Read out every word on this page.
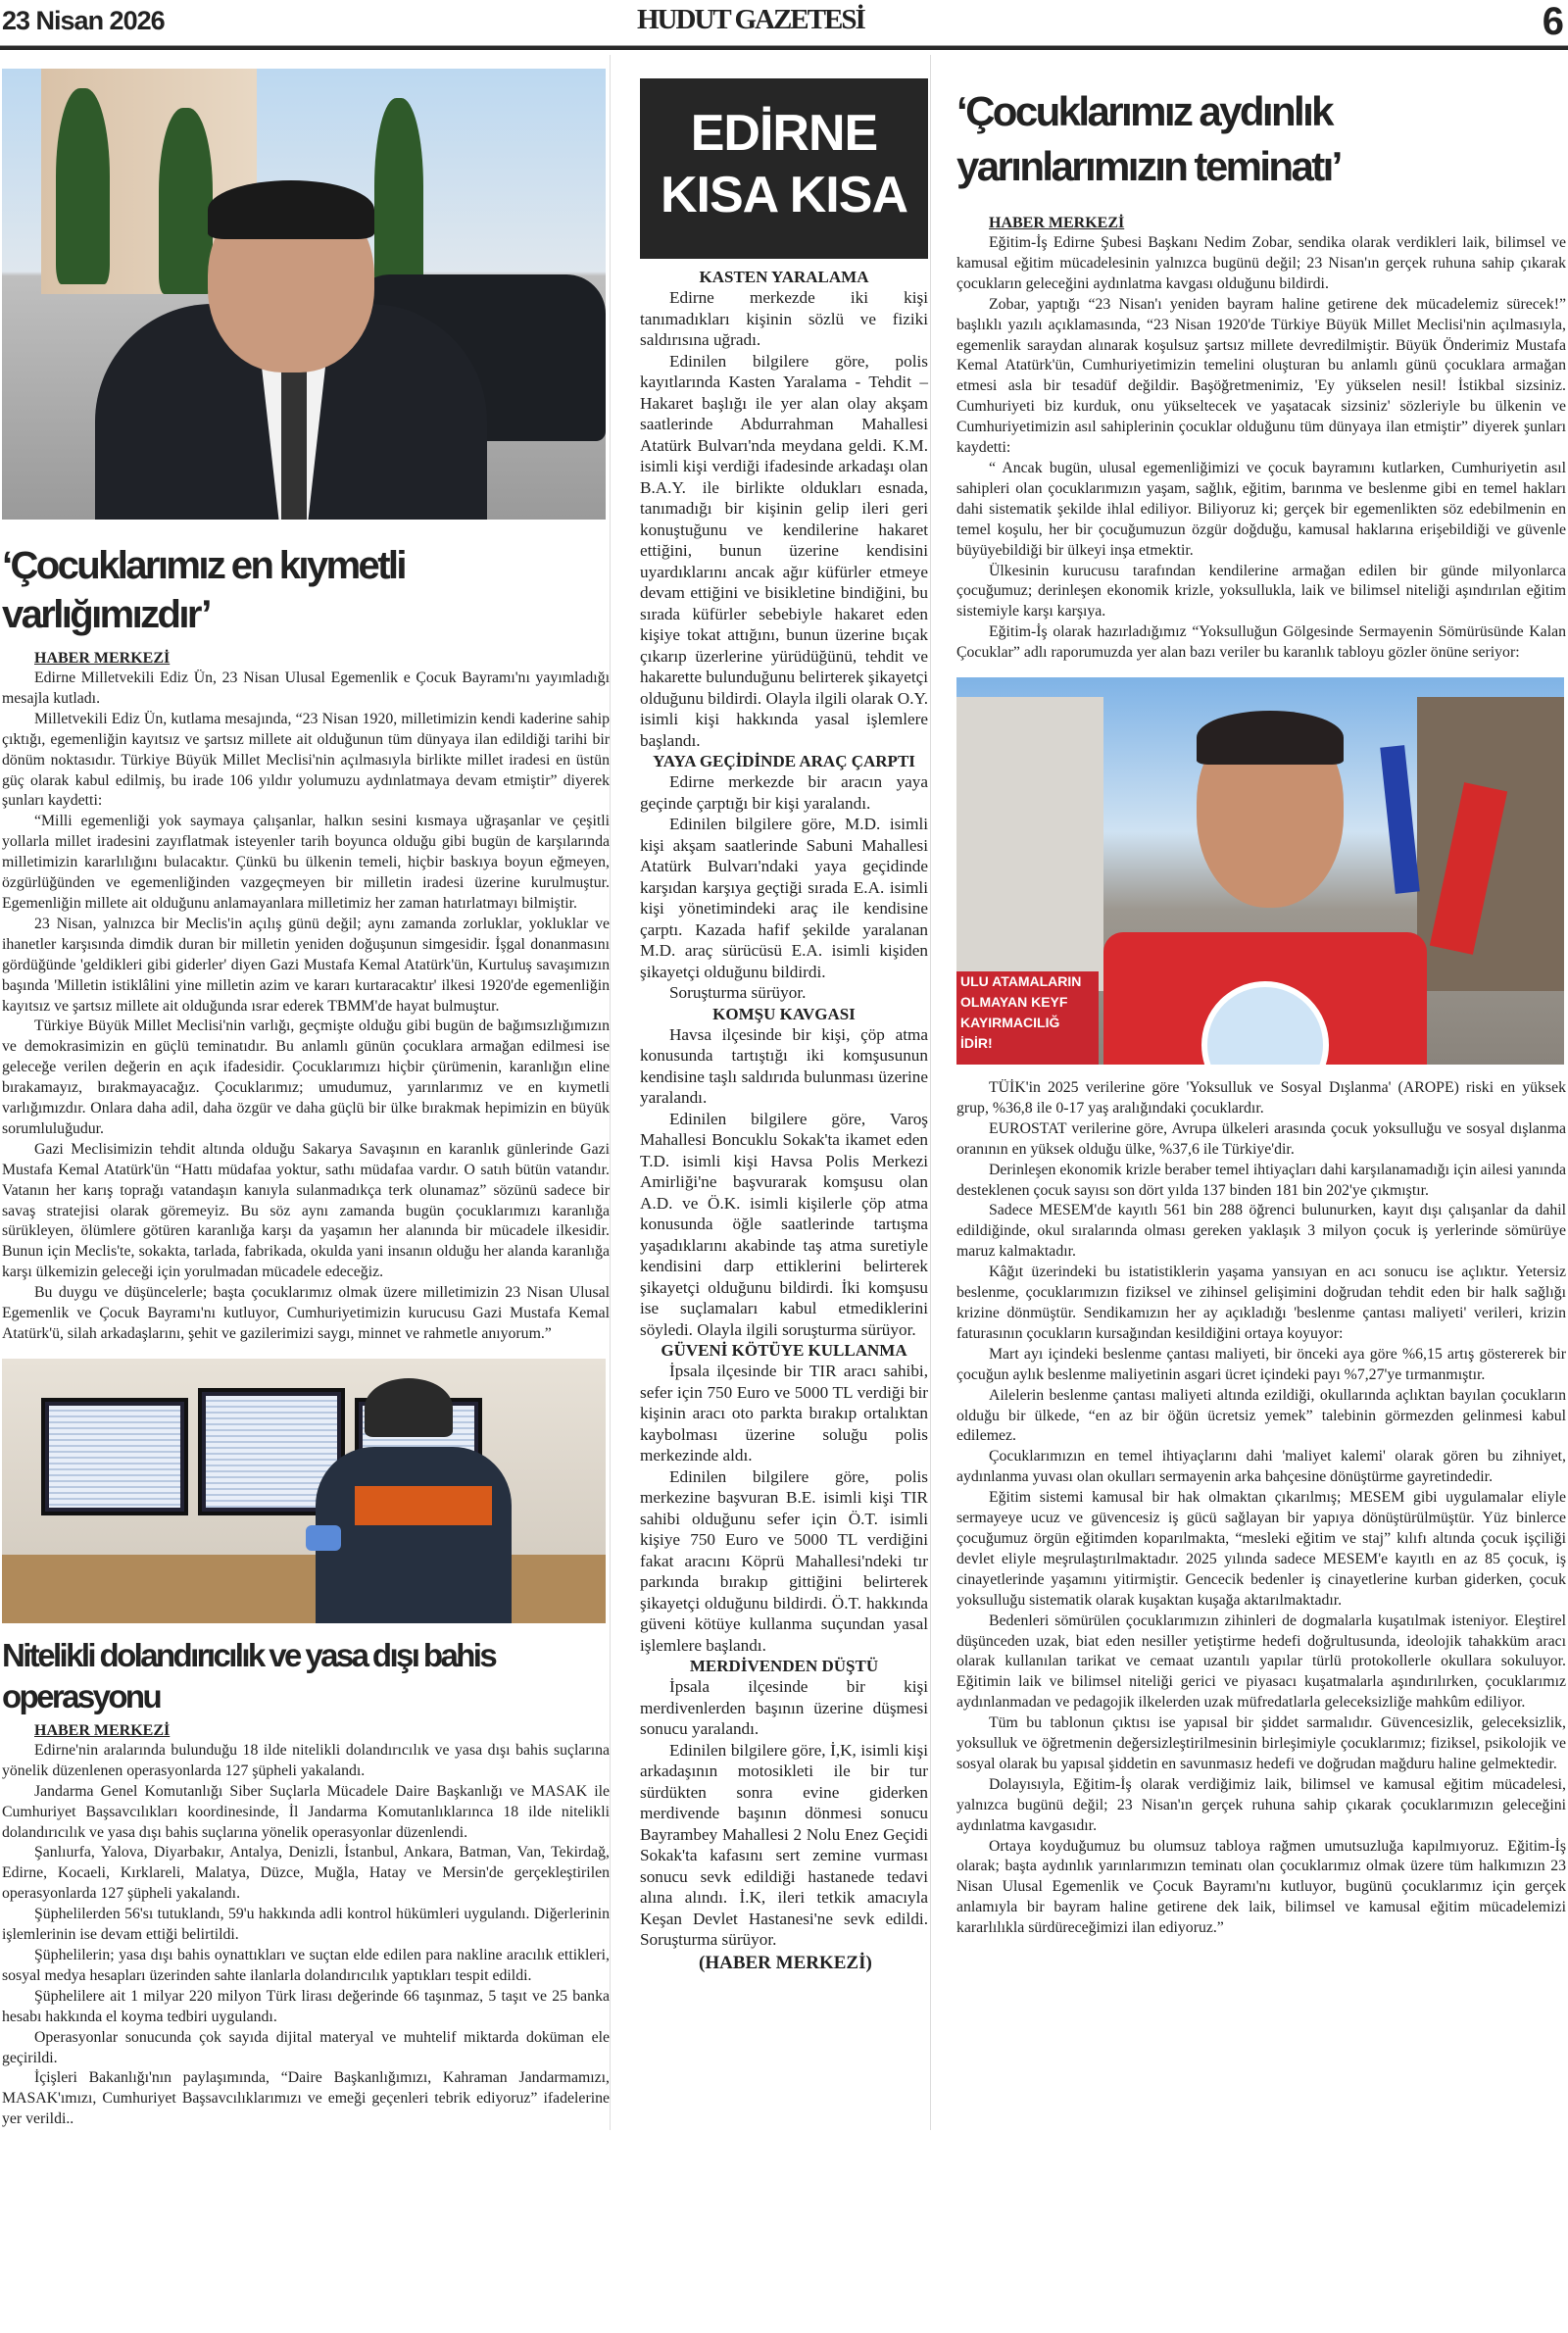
23 Nisan 2026	HUDUT GAZETESİ	6
‘Çocuklarımız en kıymetli varlığımızdır’
HABER MERKEZİ

Edirne Milletvekili Ediz Ün, 23 Nisan Ulusal Egemenlik e Çocuk Bayramı'nı yayımladığı mesajla kutladı.

Milletvekili Ediz Ün, kutlama mesajında, “23 Nisan 1920, milletimizin kendi kaderine sahip çıktığı, egemenliğin kayıtsız ve şartsız millete ait olduğunun tüm dünyaya ilan edildiği tarihi bir dönüm noktasıdır. Türkiye Büyük Millet Meclisi'nin açılmasıyla birlikte millet iradesi en üstün güç olarak kabul edilmiş, bu irade 106 yıldır yolumuzu aydınlatmaya devam etmiştir” diyerek şunları kaydetti:

“Milli egemenliği yok saymaya çalışanlar, halkın sesini kısmaya uğraşanlar ve çeşitli yollarla millet iradesini zayıflatmak isteyenler tarih boyunca olduğu gibi bugün de karşılarında milletimizin kararlılığını bulacaktır. Çünkü bu ülkenin temeli, hiçbir baskıya boyun eğmeyen, özgürlüğünden ve egemenliğinden vazgeçmeyen bir milletin iradesi üzerine kurulmuştur. Egemenliğin millete ait olduğunu anlamayanlara milletimiz her zaman hatırlatmayı bilmiştir.

23 Nisan, yalnızca bir Meclis'in açılış günü değil; aynı zamanda zorluklar, yokluklar ve ihanetler karşısında dimdik duran bir milletin yeniden doğuşunun simgesidir. İşgal donanmasını gördüğünde 'geldikleri gibi giderler' diyen Gazi Mustafa Kemal Atatürk'ün, Kurtuluş savaşımızın başında 'Milletin istiklâlini yine milletin azim ve kararı kurtaracaktır' ilkesi 1920'de egemenliğin kayıtsız ve şartsız millete ait olduğunda ısrar ederek TBMM'de hayat bulmuştur.

Türkiye Büyük Millet Meclisi'nin varlığı, geçmişte olduğu gibi bugün de bağımsızlığımızın ve demokrasimizin en güçlü teminatıdır. Bu anlamlı günün çocuklara armağan edilmesi ise geleceğe verilen değerin en açık ifadesidir. Çocuklarımızı hiçbir çürümenin, karanlığın eline bırakamayız, bırakmayacağız. Çocuklarımız; umudumuz, yarınlarımız ve en kıymetli varlığımızdır. Onlara daha adil, daha özgür ve daha güçlü bir ülke bırakmak hepimizin en büyük sorumluluğudur.

Gazi Meclisimizin tehdit altında olduğu Sakarya Savaşının en karanlık günlerinde Gazi Mustafa Kemal Atatürk'ün “Hattı müdafaa yoktur, sathı müdafaa vardır. O satıh bütün vatandır. Vatanın her karış toprağı vatandaşın kanıyla sulanmadıkça terk olunamaz” sözünü sadece bir savaş stratejisi olarak göremeyiz. Bu söz aynı zamanda bugün çocuklarımızı karanlığa sürükleyen, ölümlere götüren karanlığa karşı da yaşamın her alanında bir mücadele ilkesidir. Bunun için Meclis'te, sokakta, tarlada, fabrikada, okulda yani insanın olduğu her alanda karanlığa karşı ülkemizin geleceği için yorulmadan mücadele edeceğiz.

Bu duygu ve düşüncelerle; başta çocuklarımız olmak üzere milletimizin 23 Nisan Ulusal Egemenlik ve Çocuk Bayramı'nı kutluyor, Cumhuriyetimizin kurucusu Gazi Mustafa Kemal Atatürk'ü, silah arkadaşlarını, şehit ve gazilerimizi saygı, minnet ve rahmetle anıyorum.”

Nitelikli dolandırıcılık ve yasa dışı bahis operasyonu
HABER MERKEZİ

Edirne'nin aralarında bulunduğu 18 ilde nitelikli dolandırıcılık ve yasa dışı bahis suçlarına yönelik düzenlenen operasyonlarda 127 şüpheli yakalandı.

Jandarma Genel Komutanlığı Siber Suçlarla Mücadele Daire Başkanlığı ve MASAK ile Cumhuriyet Başsavcılıkları koordinesinde, İl Jandarma Komutanlıklarınca 18 ilde nitelikli dolandırıcılık ve yasa dışı bahis suçlarına yönelik operasyonlar düzenlendi.

Şanlıurfa, Yalova, Diyarbakır, Antalya, Denizli, İstanbul, Ankara, Batman, Van, Tekirdağ, Edirne, Kocaeli, Kırklareli, Malatya, Düzce, Muğla, Hatay ve Mersin'de gerçekleştirilen operasyonlarda 127 şüpheli yakalandı.

Şüphelilerden 56'sı tutuklandı, 59'u hakkında adli kontrol hükümleri uygulandı. Diğerlerinin işlemlerinin ise devam ettiği belirtildi.

Şüphelilerin; yasa dışı bahis oynattıkları ve suçtan elde edilen para nakline aracılık ettikleri, sosyal medya hesapları üzerinden sahte ilanlarla dolandırıcılık yaptıkları tespit edildi.

Şüphelilere ait 1 milyar 220 milyon Türk lirası değerinde 66 taşınmaz, 5 taşıt ve 25 banka hesabı hakkında el koyma tedbiri uygulandı.

Operasyonlar sonucunda çok sayıda dijital materyal ve muhtelif miktarda doküman ele geçirildi.

İçişleri Bakanlığı'nın paylaşımında, “Daire Başkanlığımızı, Kahraman Jandarmamızı, MASAK'ımızı, Cumhuriyet Başsavcılıklarımızı ve emeği geçenleri tebrik ediyoruz” ifadelerine yer verildi..

EDİRNE
KISA KISA
KASTEN YARALAMA

Edirne merkezde iki kişi tanımadıkları kişinin sözlü ve fiziki saldırısına uğradı.

Edinilen bilgilere göre, polis kayıtlarında Kasten Yaralama - Tehdit – Hakaret başlığı ile yer alan olay akşam saatlerinde Abdurrahman Mahallesi Atatürk Bulvarı'nda meydana geldi. K.M. isimli kişi verdiği ifadesinde arkadaşı olan B.A.Y. ile birlikte oldukları esnada, tanımadığı bir kişinin gelip ileri geri konuştuğunu ve kendilerine hakaret ettiğini, bunun üzerine kendisini uyardıklarını ancak ağır küfürler etmeye devam ettiğini ve bisikletine bindiğini, bu sırada küfürler sebebiyle hakaret eden kişiye tokat attığını, bunun üzerine bıçak çıkarıp üzerlerine yürüdüğünü, tehdit ve hakarette bulunduğunu belirterek şikayetçi olduğunu bildirdi. Olayla ilgili olarak O.Y. isimli kişi hakkında yasal işlemlere başlandı.

YAYA GEÇİDİNDE ARAÇ ÇARPTI

Edirne merkezde bir aracın yaya geçinde çarptığı bir kişi yaralandı.

Edinilen bilgilere göre, M.D. isimli kişi akşam saatlerinde Sabuni Mahallesi Atatürk Bulvarı'ndaki yaya geçidinde karşıdan karşıya geçtiği sırada E.A. isimli kişi yönetimindeki araç ile kendisine çarptı. Kazada hafif şekilde yaralanan M.D. araç sürücüsü E.A. isimli kişiden şikayetçi olduğunu bildirdi.

Soruşturma sürüyor.

KOMŞU KAVGASI

Havsa ilçesinde bir kişi, çöp atma konusunda tartıştığı iki komşusunun kendisine taşlı saldırıda bulunması üzerine yaralandı.

Edinilen bilgilere göre, Varoş Mahallesi Boncuklu Sokak'ta ikamet eden T.D. isimli kişi Havsa Polis Merkezi Amirliği'ne başvurarak komşusu olan A.D. ve Ö.K. isimli kişilerle çöp atma konusunda öğle saatlerinde tartışma yaşadıklarını akabinde taş atma suretiyle kendisini darp ettiklerini belirterek şikayetçi olduğunu bildirdi. İki komşusu ise suçlamaları kabul etmediklerini söyledi. Olayla ilgili soruşturma sürüyor.

GÜVENİ KÖTÜYE KULLANMA

İpsala ilçesinde bir TIR aracı sahibi, sefer için 750 Euro ve 5000 TL verdiği bir kişinin aracı oto parkta bırakıp ortalıktan kaybolması üzerine soluğu polis merkezinde aldı.

Edinilen bilgilere göre, polis merkezine başvuran B.E. isimli kişi TIR sahibi olduğunu sefer için Ö.T. isimli kişiye 750 Euro ve 5000 TL verdiğini fakat aracını Köprü Mahallesi'ndeki tır parkında bırakıp gittiğini belirterek şikayetçi olduğunu bildirdi. Ö.T. hakkında güveni kötüye kullanma suçundan yasal işlemlere başlandı.

MERDİVENDEN DÜŞTÜ

İpsala ilçesinde bir kişi merdivenlerden başının üzerine düşmesi sonucu yaralandı.

Edinilen bilgilere göre, İ,K, isimli kişi arkadaşının motosikleti ile bir tur sürdükten sonra evine giderken merdivende başının dönmesi sonucu Bayrambey Mahallesi 2 Nolu Enez Geçidi Sokak'ta kafasını sert zemine vurması sonucu sevk edildiği hastanede tedavi alına alındı. İ.K, ileri tetkik amacıyla Keşan Devlet Hastanesi'ne sevk edildi. Soruşturma sürüyor.

(HABER MERKEZİ)

‘Çocuklarımız aydınlık yarınlarımızın teminatı’
HABER MERKEZİ

Eğitim-İş Edirne Şubesi Başkanı Nedim Zobar, sendika olarak verdikleri laik, bilimsel ve kamusal eğitim mücadelesinin yalnızca bugünü değil; 23 Nisan'ın gerçek ruhuna sahip çıkarak çocukların geleceğini aydınlatma kavgası olduğunu bildirdi.

Zobar, yaptığı “23 Nisan'ı yeniden bayram haline getirene dek mücadelemiz sürecek!” başlıklı yazılı açıklamasında, “23 Nisan 1920'de Türkiye Büyük Millet Meclisi'nin açılmasıyla, egemenlik saraydan alınarak koşulsuz şartsız millete devredilmiştir. Büyük Önderimiz Mustafa Kemal Atatürk'ün, Cumhuriyetimizin temelini oluşturan bu anlamlı günü çocuklara armağan etmesi asla bir tesadüf değildir. Başöğretmenimiz, 'Ey yükselen nesil! İstikbal sizsiniz. Cumhuriyeti biz kurduk, onu yükseltecek ve yaşatacak sizsiniz' sözleriyle bu ülkenin ve Cumhuriyetimizin asıl sahiplerinin çocuklar olduğunu tüm dünyaya ilan etmiştir” diyerek şunları kaydetti:

“ Ancak bugün, ulusal egemenliğimizi ve çocuk bayramını kutlarken, Cumhuriyetin asıl sahipleri olan çocuklarımızın yaşam, sağlık, eğitim, barınma ve beslenme gibi en temel hakları dahi sistematik şekilde ihlal ediliyor. Biliyoruz ki; gerçek bir egemenlikten söz edebilmenin en temel koşulu, her bir çocuğumuzun özgür doğduğu, kamusal haklarına erişebildiği ve güvenle büyüyebildiği bir ülkeyi inşa etmektir.

Ülkesinin kurucusu tarafından kendilerine armağan edilen bir günde milyonlarca çocuğumuz; derinleşen ekonomik krizle, yoksullukla, laik ve bilimsel niteliği aşındırılan eğitim sistemiyle karşı karşıya.

Eğitim-İş olarak hazırladığımız “Yoksulluğun Gölgesinde Sermayenin Sömürüsünde Kalan Çocuklar” adlı raporumuzda yer alan bazı veriler bu karanlık tabloyu gözler önüne seriyor:

ULU ATAMALARIN
OLMAYAN KEYF
KAYIRMACILIĞ
İDİR!

TÜİK'in 2025 verilerine göre 'Yoksulluk ve Sosyal Dışlanma' (AROPE) riski en yüksek grup, %36,8 ile 0-17 yaş aralığındaki çocuklardır.

EUROSTAT verilerine göre, Avrupa ülkeleri arasında çocuk yoksulluğu ve sosyal dışlanma oranının en yüksek olduğu ülke, %37,6 ile Türkiye'dir.

Derinleşen ekonomik krizle beraber temel ihtiyaçları dahi karşılanamadığı için ailesi yanında desteklenen çocuk sayısı son dört yılda 137 binden 181 bin 202'ye çıkmıştır.

Sadece MESEM'de kayıtlı 561 bin 288 öğrenci bulunurken, kayıt dışı çalışanlar da dahil edildiğinde, okul sıralarında olması gereken yaklaşık 3 milyon çocuk iş yerlerinde sömürüye maruz kalmaktadır.

Kâğıt üzerindeki bu istatistiklerin yaşama yansıyan en acı sonucu ise açlıktır. Yetersiz beslenme, çocuklarımızın fiziksel ve zihinsel gelişimini doğrudan tehdit eden bir halk sağlığı krizine dönmüştür. Sendikamızın her ay açıkladığı 'beslenme çantası maliyeti' verileri, krizin faturasının çocukların kursağından kesildiğini ortaya koyuyor:

Mart ayı içindeki beslenme çantası maliyeti, bir önceki aya göre %6,15 artış göstererek bir çocuğun aylık beslenme maliyetinin asgari ücret içindeki payı %7,27'ye tırmanmıştır.

Ailelerin beslenme çantası maliyeti altında ezildiği, okullarında açlıktan bayılan çocukların olduğu bir ülkede, “en az bir öğün ücretsiz yemek” talebinin görmezden gelinmesi kabul edilemez.

Çocuklarımızın en temel ihtiyaçlarını dahi 'maliyet kalemi' olarak gören bu zihniyet, aydınlanma yuvası olan okulları sermayenin arka bahçesine dönüştürme gayretindedir.

Eğitim sistemi kamusal bir hak olmaktan çıkarılmış; MESEM gibi uygulamalar eliyle sermayeye ucuz ve güvencesiz iş gücü sağlayan bir yapıya dönüştürülmüştür. Yüz binlerce çocuğumuz örgün eğitimden koparılmakta, “mesleki eğitim ve staj” kılıfı altında çocuk işçiliği devlet eliyle meşrulaştırılmaktadır. 2025 yılında sadece MESEM'e kayıtlı en az 85 çocuk, iş cinayetlerinde yaşamını yitirmiştir. Gencecik bedenler iş cinayetlerine kurban giderken, çocuk yoksulluğu sistematik olarak kuşaktan kuşağa aktarılmaktadır.

Bedenleri sömürülen çocuklarımızın zihinleri de dogmalarla kuşatılmak isteniyor. Eleştirel düşünceden uzak, biat eden nesiller yetiştirme hedefi doğrultusunda, ideolojik tahakküm aracı olarak kullanılan tarikat ve cemaat uzantılı yapılar türlü protokollerle okullara sokuluyor. Eğitimin laik ve bilimsel niteliği gerici ve piyasacı kuşatmalarla aşındırılırken, çocuklarımız aydınlanmadan ve pedagojik ilkelerden uzak müfredatlarla geleceksizliğe mahkûm ediliyor.

Tüm bu tablonun çıktısı ise yapısal bir şiddet sarmalıdır. Güvencesizlik, geleceksizlik, yoksulluk ve öğretmenin değersizleştirilmesinin birleşimiyle çocuklarımız; fiziksel, psikolojik ve sosyal olarak bu yapısal şiddetin en savunmasız hedefi ve doğrudan mağduru haline gelmektedir.

Dolayısıyla, Eğitim-İş olarak verdiğimiz laik, bilimsel ve kamusal eğitim mücadelesi, yalnızca bugünü değil; 23 Nisan'ın gerçek ruhuna sahip çıkarak çocuklarımızın geleceğini aydınlatma kavgasıdır.

Ortaya koyduğumuz bu olumsuz tabloya rağmen umutsuzluğa kapılmıyoruz. Eğitim-İş olarak; başta aydınlık yarınlarımızın teminatı olan çocuklarımız olmak üzere tüm halkımızın 23 Nisan Ulusal Egemenlik ve Çocuk Bayramı'nı kutluyor, bugünü çocuklarımız için gerçek anlamıyla bir bayram haline getirene dek laik, bilimsel ve kamusal eğitim mücadelemizi kararlılıkla sürdüreceğimizi ilan ediyoruz.”
